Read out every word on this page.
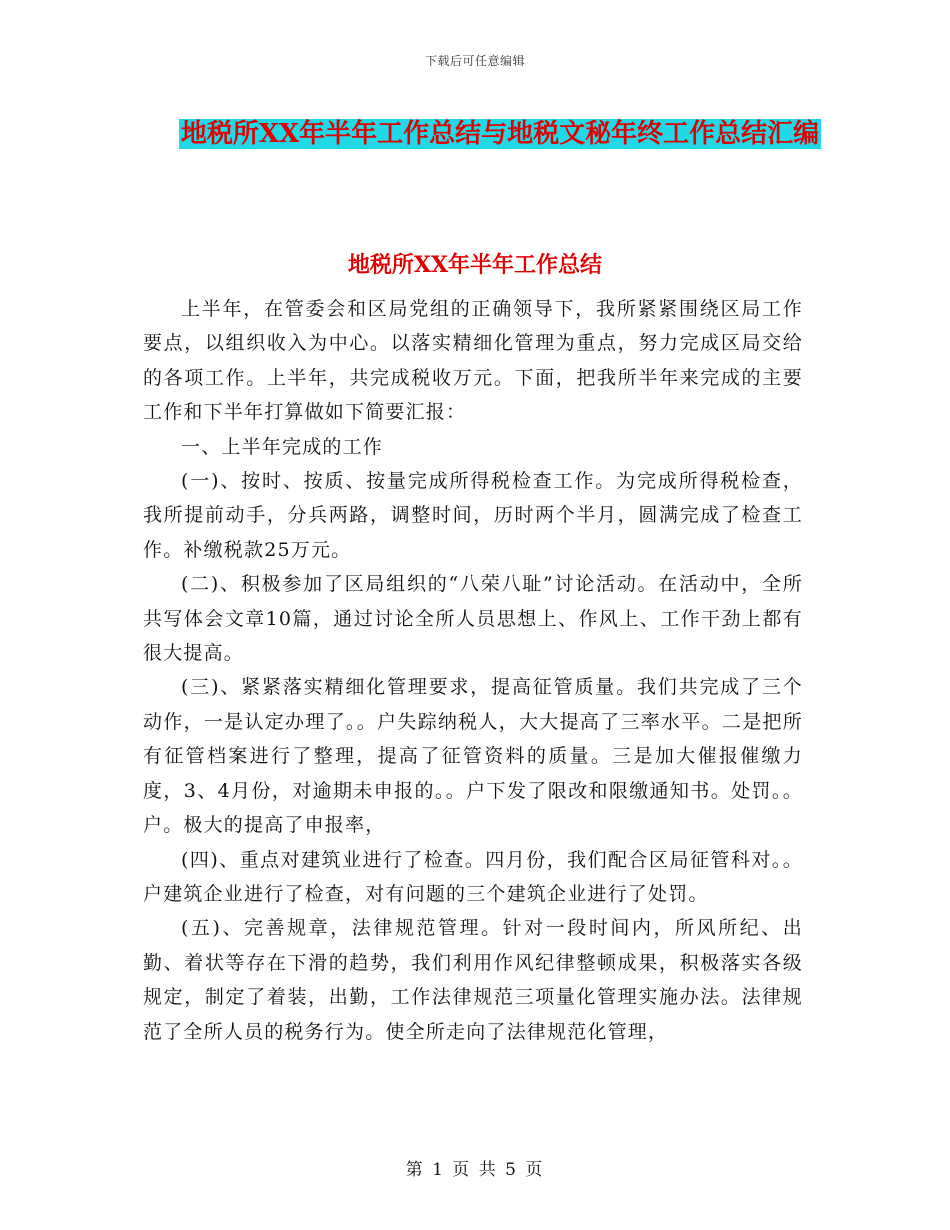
下载后可任意编辑
地税所XX年半年工作总结与地税文秘年终工作总结汇编
地税所XX年半年工作总结

上半年，在管委会和区局党组的正确领导下，我所紧紧围绕区局工作要点，以组织收入为中心。以落实精细化管理为重点，努力完成区局交给的各项工作。上半年，共完成税收万元。下面，把我所半年来完成的主要工作和下半年打算做如下简要汇报：

一、上半年完成的工作

(一)、按时、按质、按量完成所得税检查工作。为完成所得税检查，我所提前动手，分兵两路，调整时间，历时两个半月，圆满完成了检查工作。补缴税款25万元。

(二)、积极参加了区局组织的“八荣八耻”讨论活动。在活动中，全所共写体会文章10篇，通过讨论全所人员思想上、作风上、工作干劲上都有很大提高。

(三)、紧紧落实精细化管理要求，提高征管质量。我们共完成了三个动作，一是认定办理了。。户失踪纳税人，大大提高了三率水平。二是把所有征管档案进行了整理，提高了征管资料的质量。三是加大催报催缴力度，3、4月份，对逾期未申报的。。户下发了限改和限缴通知书。处罚。。户。极大的提高了申报率，

(四)、重点对建筑业进行了检查。四月份，我们配合区局征管科对。。户建筑企业进行了检查，对有问题的三个建筑企业进行了处罚。

(五)、完善规章，法律规范管理。针对一段时间内，所风所纪、出勤、着状等存在下滑的趋势，我们利用作风纪律整顿成果，积极落实各级规定，制定了着装，出勤，工作法律规范三项量化管理实施办法。法律规范了全所人员的税务行为。使全所走向了法律规范化管理，

第 1 页 共 5 页
